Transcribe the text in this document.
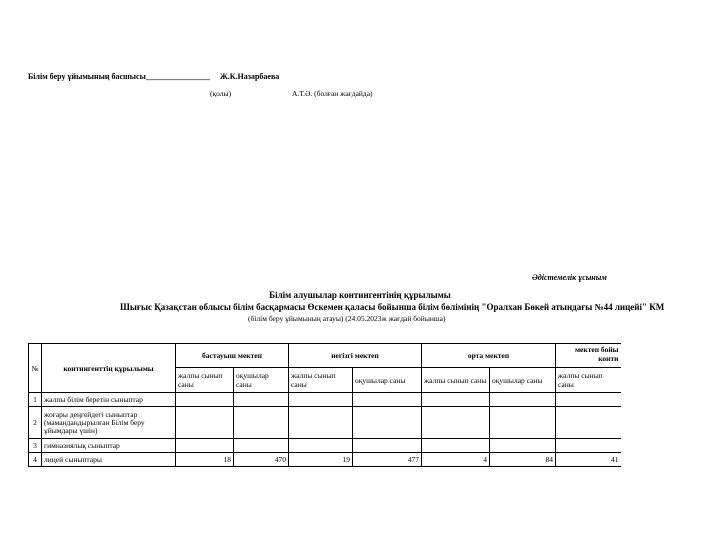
Білім беру ұйымының басшысы________________ Ж.К.Назарбаева
(қолы)	А.Т.Ә. (болған жағдайда)
Әдістемелік ұсыным
Білім алушылар контингентінің құрылымы
Шығыс Қазақстан облысы білім басқармасы Өскемен қаласы бойынша білім бөлімінің "Оралхан Бөкей атындағы №44 лицейі" КМ
(білім беру ұйымының атауы) (24.05.2023ж жағдай бойынша)
№	контингенттің құрылымы	бастауыш мектеп		негізгі мектеп		орта мектеп		мектеп бойы
конти

		жалпы сынып саны	оқушылар саны	жалпы сынып саны	оқушылар саны	жалпы сынып саны	оқушылар саны	жалпы сынып саны
1	жалпы білім беретін сыныптар							
2	жоғары деңгейдегі сыныптар (мамандандырылған Білім беру ұйымдары үшін)							
3	гимназиялық сыныптар							
4	лицей сыныптары	18	470	19	477	4	84	41
